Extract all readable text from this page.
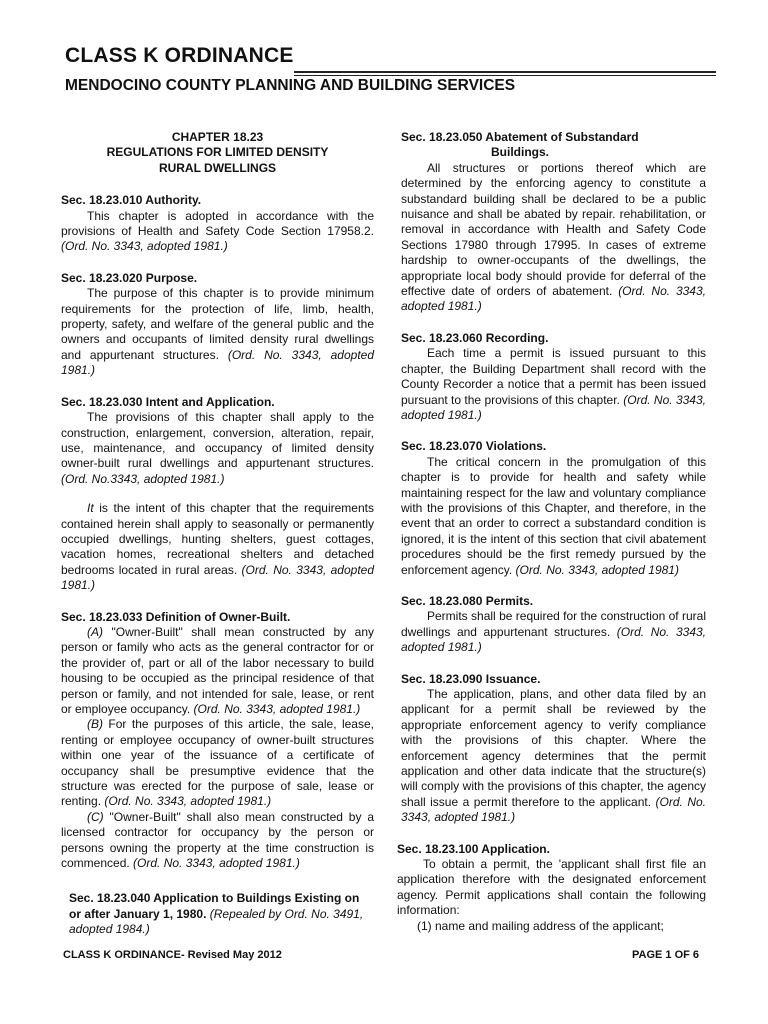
CLASS K ORDINANCE
MENDOCINO COUNTY PLANNING AND BUILDING SERVICES
CHAPTER 18.23
REGULATIONS FOR LIMITED DENSITY
RURAL DWELLINGS
Sec. 18.23.010 Authority.
This chapter is adopted in accordance with the provisions of Health and Safety Code Section 17958.2. (Ord. No. 3343, adopted 1981.)
Sec. 18.23.020 Purpose.
The purpose of this chapter is to provide minimum requirements for the protection of life, limb, health, property, safety, and welfare of the general public and the owners and occupants of limited density rural dwellings and appurtenant structures. (Ord. No. 3343, adopted 1981.)
Sec. 18.23.030 Intent and Application.
The provisions of this chapter shall apply to the construction, enlargement, conversion, alteration, repair, use, maintenance, and occupancy of limited density owner-built rural dwellings and appurtenant structures. (Ord. No.3343, adopted 1981.)
It is the intent of this chapter that the requirements contained herein shall apply to seasonally or permanently occupied dwellings, hunting shelters, guest cottages, vacation homes, recreational shelters and detached bedrooms located in rural areas. (Ord. No. 3343, adopted 1981.)
Sec. 18.23.033 Definition of Owner-Built.
(A) "Owner-Built" shall mean constructed by any person or family who acts as the general contractor for or the provider of, part or all of the labor necessary to build housing to be occupied as the principal residence of that person or family, and not intended for sale, lease, or rent or employee occupancy. (Ord. No. 3343, adopted 1981.)
(B) For the purposes of this article, the sale, lease, renting or employee occupancy of owner-built structures within one year of the issuance of a certificate of occupancy shall be presumptive evidence that the structure was erected for the purpose of sale, lease or renting. (Ord. No. 3343, adopted 1981.)
(C) "Owner-Built" shall also mean constructed by a licensed contractor for occupancy by the person or persons owning the property at the time construction is commenced. (Ord. No. 3343, adopted 1981.)
Sec. 18.23.040 Application to Buildings Existing on or after January 1, 1980. (Repealed by Ord. No. 3491, adopted 1984.)
Sec. 18.23.050 Abatement of Substandard
Buildings.
All structures or portions thereof which are determined by the enforcing agency to constitute a substandard building shall be declared to be a public nuisance and shall be abated by repair. rehabilitation, or removal in accordance with Health and Safety Code Sections 17980 through 17995. In cases of extreme hardship to owner-occupants of the dwellings, the appropriate local body should provide for deferral of the effective date of orders of abatement. (Ord. No. 3343, adopted 1981.)
Sec. 18.23.060 Recording.
Each time a permit is issued pursuant to this chapter, the Building Department shall record with the County Recorder a notice that a permit has been issued pursuant to the provisions of this chapter. (Ord. No. 3343, adopted 1981.)
Sec. 18.23.070 Violations.
The critical concern in the promulgation of this chapter is to provide for health and safety while maintaining respect for the law and voluntary compliance with the provisions of this Chapter, and therefore, in the event that an order to correct a substandard condition is ignored, it is the intent of this section that civil abatement procedures should be the first remedy pursued by the enforcement agency. (Ord. No. 3343, adopted 1981)
Sec. 18.23.080 Permits.
Permits shall be required for the construction of rural dwellings and appurtenant structures. (Ord. No. 3343, adopted 1981.)
Sec. 18.23.090 Issuance.
The application, plans, and other data filed by an applicant for a permit shall be reviewed by the appropriate enforcement agency to verify compliance with the provisions of this chapter. Where the enforcement agency determines that the permit application and other data indicate that the structure(s) will comply with the provisions of this chapter, the agency shall issue a permit therefore to the applicant. (Ord. No. 3343, adopted 1981.)
Sec. 18.23.100 Application.
To obtain a permit, the 'applicant shall first file an application therefore with the designated enforcement agency. Permit applications shall contain the following information:
(1) name and mailing address of the applicant;
CLASS K ORDINANCE- Revised May 2012	PAGE 1 OF 6
